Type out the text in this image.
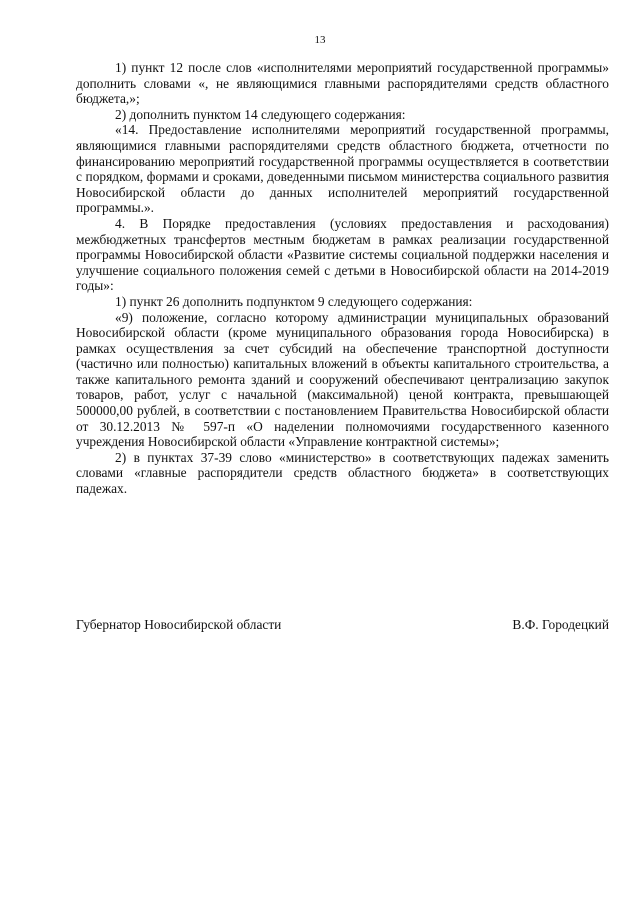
13

1) пункт 12 после слов «исполнителями мероприятий государственной программы» дополнить словами «, не являющимися главными распорядителями средств областного бюджета,»;

2) дополнить пунктом 14 следующего содержания:

«14. Предоставление исполнителями мероприятий государственной программы, являющимися главными распорядителями средств областного бюджета, отчетности по финансированию мероприятий государственной программы осуществляется в соответствии с порядком, формами и сроками, доведенными письмом министерства социального развития Новосибирской области до данных исполнителей мероприятий государственной программы.».

4. В Порядке предоставления (условиях предоставления и расходования) межбюджетных трансфертов местным бюджетам в рамках реализации государственной программы Новосибирской области «Развитие системы социальной поддержки населения и улучшение социального положения семей с детьми в Новосибирской области на 2014-2019 годы»:

1) пункт 26 дополнить подпунктом 9 следующего содержания:

«9) положение, согласно которому администрации муниципальных образований Новосибирской области (кроме муниципального образования города Новосибирска) в рамках осуществления за счет субсидий на обеспечение транспортной доступности (частично или полностью) капитальных вложений в объекты капитального строительства, а также капитального ремонта зданий и сооружений обеспечивают централизацию закупок товаров, работ, услуг с начальной (максимальной) ценой контракта, превышающей 500000,00 рублей, в соответствии с постановлением Правительства Новосибирской области от 30.12.2013 № 597-п «О наделении полномочиями государственного казенного учреждения Новосибирской области «Управление контрактной системы»;

2) в пунктах 37-39 слово «министерство» в соответствующих падежах заменить словами «главные распорядители средств областного бюджета» в соответствующих падежах.

Губернатор Новосибирской области	В.Ф. Городецкий
